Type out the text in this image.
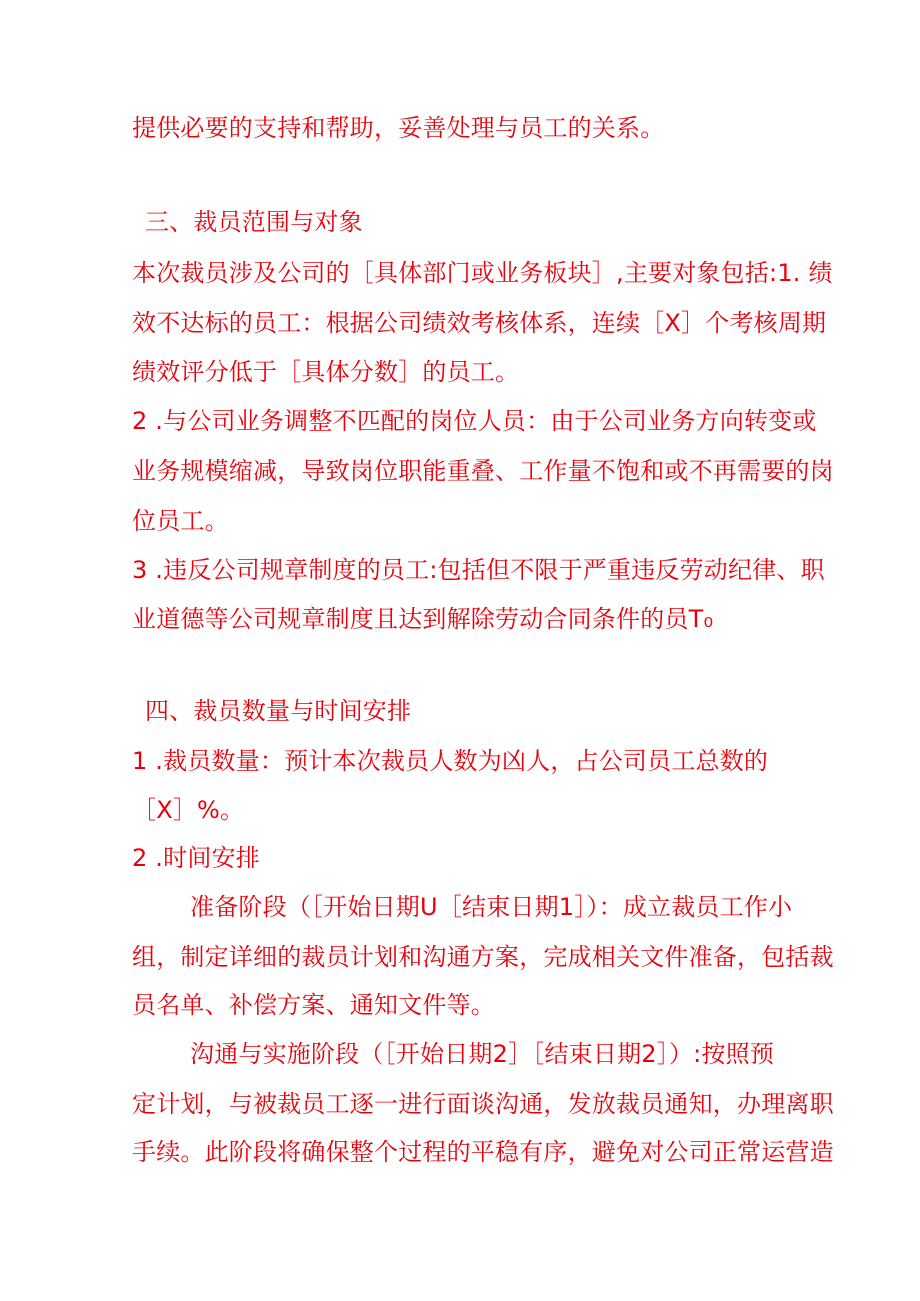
提供必要的支持和帮助，妥善处理与员工的关系。
三、裁员范围与对象
本次裁员涉及公司的［具体部门或业务板块］,主要对象包括:1. 绩
效不达标的员工：根据公司绩效考核体系，连续［X］个考核周期
绩效评分低于［具体分数］的员工。
2 .与公司业务调整不匹配的岗位人员：由于公司业务方向转变或
业务规模缩减，导致岗位职能重叠、工作量不饱和或不再需要的岗
位员工。
3 .违反公司规章制度的员工:包括但不限于严重违反劳动纪律、职
业道德等公司规章制度且达到解除劳动合同条件的员T₀
四、裁员数量与时间安排
1 .裁员数量：预计本次裁员人数为凶人，占公司员工总数的
［X］%。
2 .时间安排
准备阶段（［开始日期U［结束日期1］）：成立裁员工作小
组，制定详细的裁员计划和沟通方案，完成相关文件准备，包括裁
员名单、补偿方案、通知文件等。
沟通与实施阶段（［开始日期2］［结束日期2］）:按照预
定计划，与被裁员工逐一进行面谈沟通，发放裁员通知，办理离职
手续。此阶段将确保整个过程的平稳有序，避免对公司正常运营造
